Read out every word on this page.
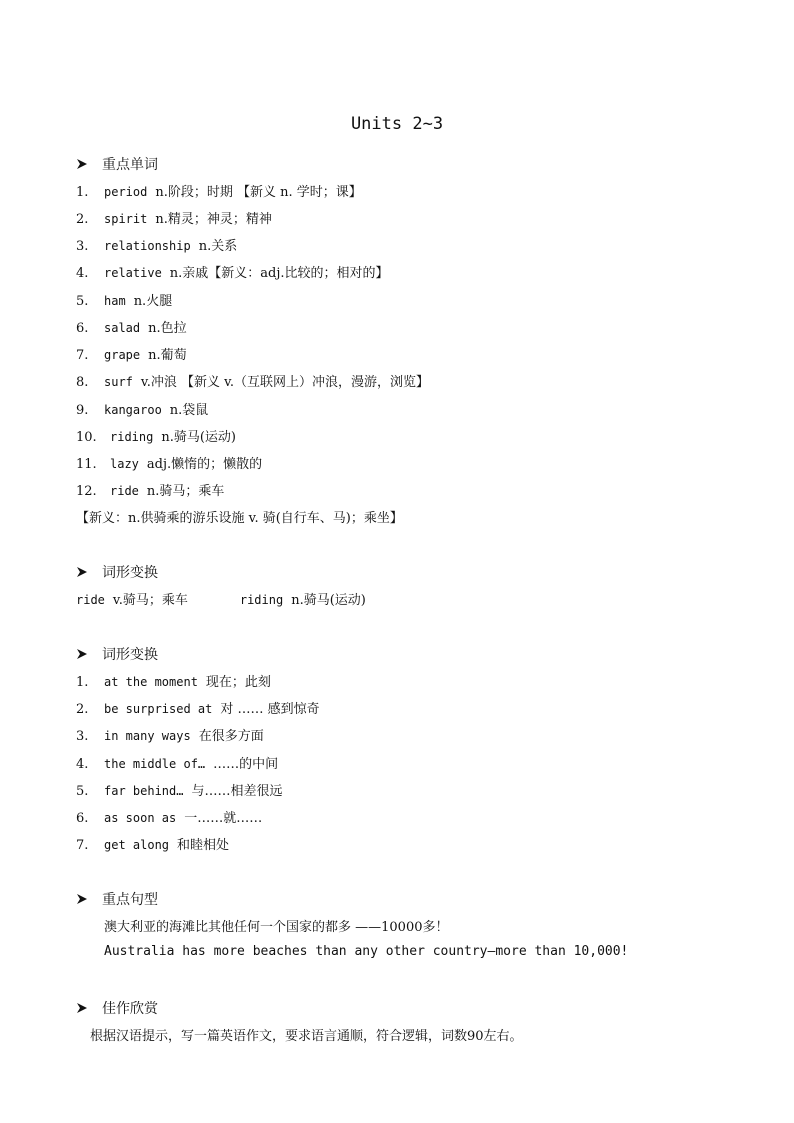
Units 2~3
重点单词
1. period n.阶段；时期 【新义 n. 学时；课】
2. spirit n.精灵；神灵；精神
3. relationship n.关系
4. relative n.亲戚【新义：adj.比较的；相对的】
5. ham n.火腿
6. salad n.色拉
7. grape n.葡萄
8. surf v.冲浪 【新义 v.（互联网上）冲浪，漫游，浏览】
9. kangaroo n.袋鼠
10. riding n.骑马(运动)
11. lazy adj.懒惰的；懒散的
12. ride n.骑马；乘车
【新义：n.供骑乘的游乐设施 v. 骑(自行车、马)；乘坐】
词形变换
ride v.骑马；乘车	riding n.骑马(运动)
词形变换
1. at the moment 现在；此刻
2. be surprised at 对 …… 感到惊奇
3. in many ways 在很多方面
4. the middle of… ……的中间
5. far behind… 与……相差很远
6. as soon as 一……就……
7. get along 和睦相处
重点句型
澳大利亚的海滩比其他任何一个国家的都多 ——10000多！
Australia has more beaches than any other country—more than 10,000!
佳作欣赏
根据汉语提示，写一篇英语作文，要求语言通顺，符合逻辑，词数90左右。
